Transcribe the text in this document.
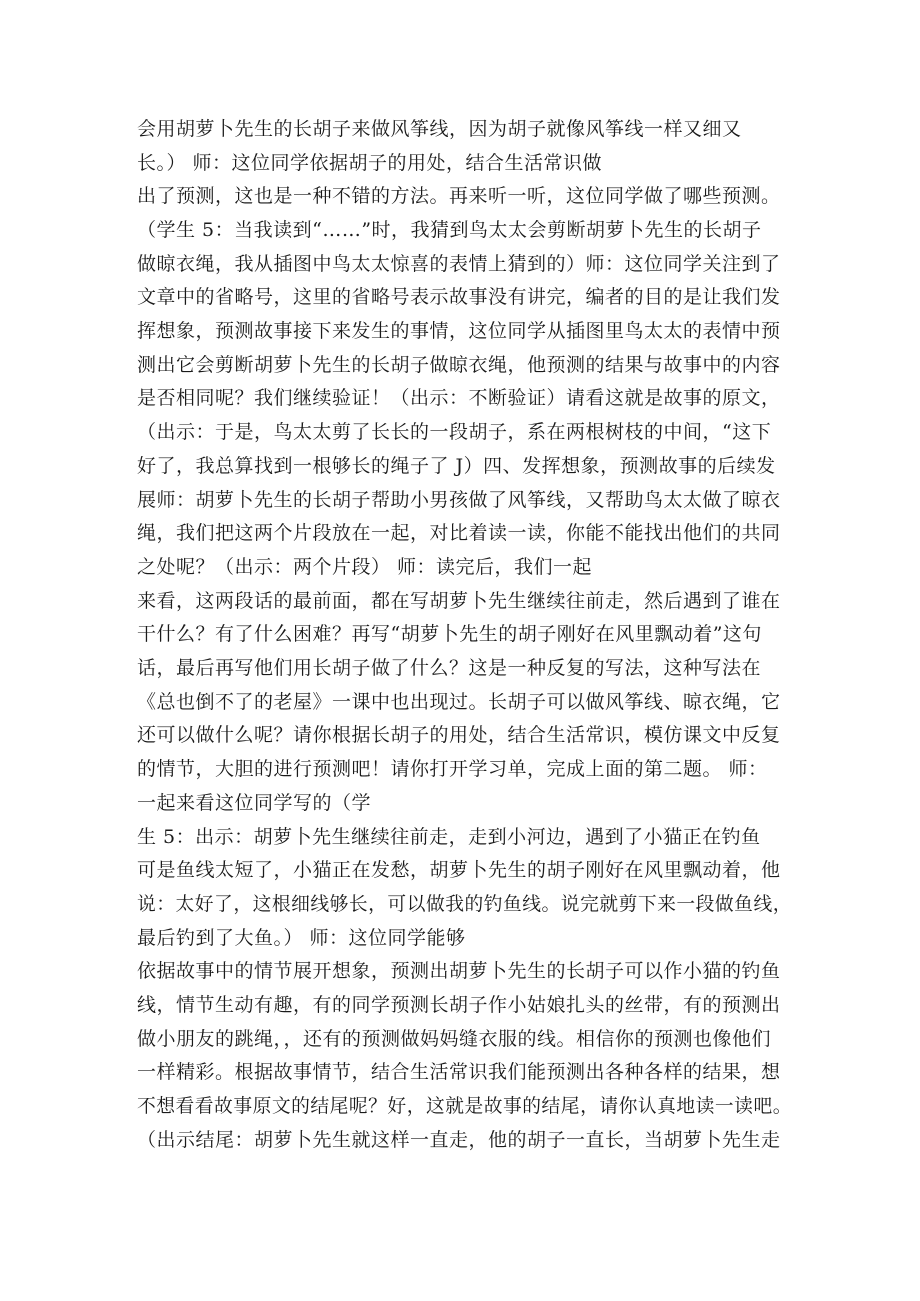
会用胡萝卜先生的长胡子来做风筝线，因为胡子就像风筝线一样又细又
长。） 师：这位同学依据胡子的用处，结合生活常识做
出了预测，这也是一种不错的方法。再来听一听，这位同学做了哪些预测。
（学生 5：当我读到“……”时，我猜到鸟太太会剪断胡萝卜先生的长胡子
做晾衣绳，我从插图中鸟太太惊喜的表情上猜到的）师：这位同学关注到了
文章中的省略号，这里的省略号表示故事没有讲完，编者的目的是让我们发
挥想象，预测故事接下来发生的事情，这位同学从插图里鸟太太的表情中预
测出它会剪断胡萝卜先生的长胡子做晾衣绳，他预测的结果与故事中的内容
是否相同呢？我们继续验证！（出示：不断验证）请看这就是故事的原文，
（出示：于是，鸟太太剪了长长的一段胡子，系在两根树枝的中间，“这下
好了，我总算找到一根够长的绳子了 J）四、发挥想象，预测故事的后续发
展师：胡萝卜先生的长胡子帮助小男孩做了风筝线，又帮助鸟太太做了晾衣
绳，我们把这两个片段放在一起，对比着读一读，你能不能找出他们的共同
之处呢？（出示：两个片段） 师：读完后，我们一起
来看，这两段话的最前面，都在写胡萝卜先生继续往前走，然后遇到了谁在
干什么？有了什么困难？再写“胡萝卜先生的胡子刚好在风里飘动着”这句
话，最后再写他们用长胡子做了什么？这是一种反复的写法，这种写法在
《总也倒不了的老屋》一课中也出现过。长胡子可以做风筝线、晾衣绳，它
还可以做什么呢？请你根据长胡子的用处，结合生活常识，模仿课文中反复
的情节，大胆的进行预测吧！请你打开学习单，完成上面的第二题。 师：
一起来看这位同学写的（学
生 5：出示：胡萝卜先生继续往前走，走到小河边，遇到了小猫正在钓鱼
可是鱼线太短了，小猫正在发愁，胡萝卜先生的胡子刚好在风里飘动着，他
说：太好了，这根细线够长，可以做我的钓鱼线。说完就剪下来一段做鱼线，
最后钓到了大鱼。） 师：这位同学能够
依据故事中的情节展开想象，预测出胡萝卜先生的长胡子可以作小猫的钓鱼
线，情节生动有趣，有的同学预测长胡子作小姑娘扎头的丝带，有的预测出
做小朋友的跳绳，，还有的预测做妈妈缝衣服的线。相信你的预测也像他们
一样精彩。根据故事情节，结合生活常识我们能预测出各种各样的结果，想
不想看看故事原文的结尾呢？好，这就是故事的结尾，请你认真地读一读吧。
（出示结尾：胡萝卜先生就这样一直走，他的胡子一直长，当胡萝卜先生走
